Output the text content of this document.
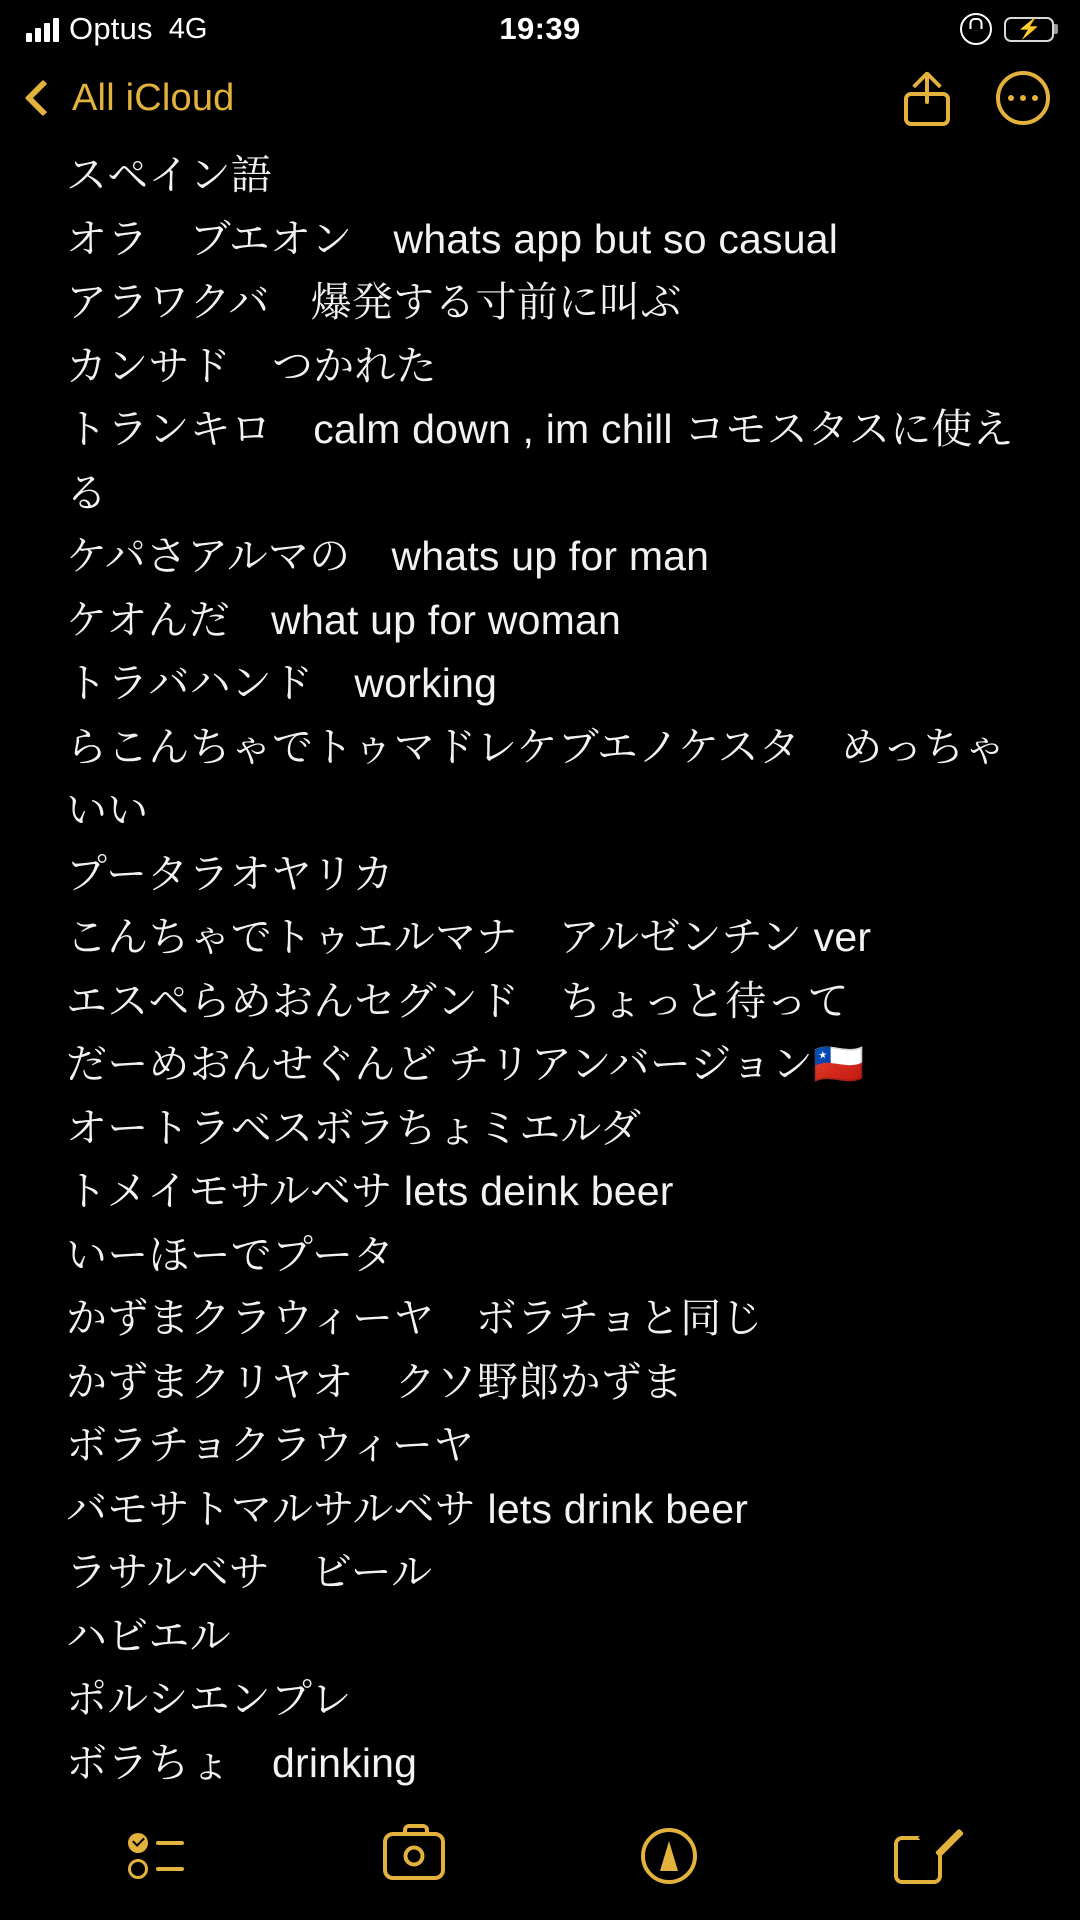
Optus 4G	19:39	⚡
All iCloud
スペイン語
オラ　ブエオン　whats app but so casual
アラワクバ　爆発する寸前に叫ぶ
カンサド　つかれた
トランキロ　calm down , im chill コモスタスに使える
ケパさアルマの　whats up for man
ケオんだ　what up for woman
トラバハンド　working
らこんちゃでトゥマドレケブエノケスタ　めっちゃいい
プータラオヤリカ
こんちゃでトゥエルマナ　アルゼンチン ver
エスペらめおんセグンド　ちょっと待って
だーめおんせぐんど チリアンバージョン🇨🇱
オートラベスボラちょミエルダ
トメイモサルベサ lets deink beer
いーほーでプータ
かずまクラウィーヤ　ボラチョと同じ
かずまクリヤオ　クソ野郎かずま
ボラチョクラウィーヤ
バモサトマルサルベサ lets drink beer
ラサルベサ　ビール
ハビエル
ポルシエンプレ
ボラちょ　drinking
